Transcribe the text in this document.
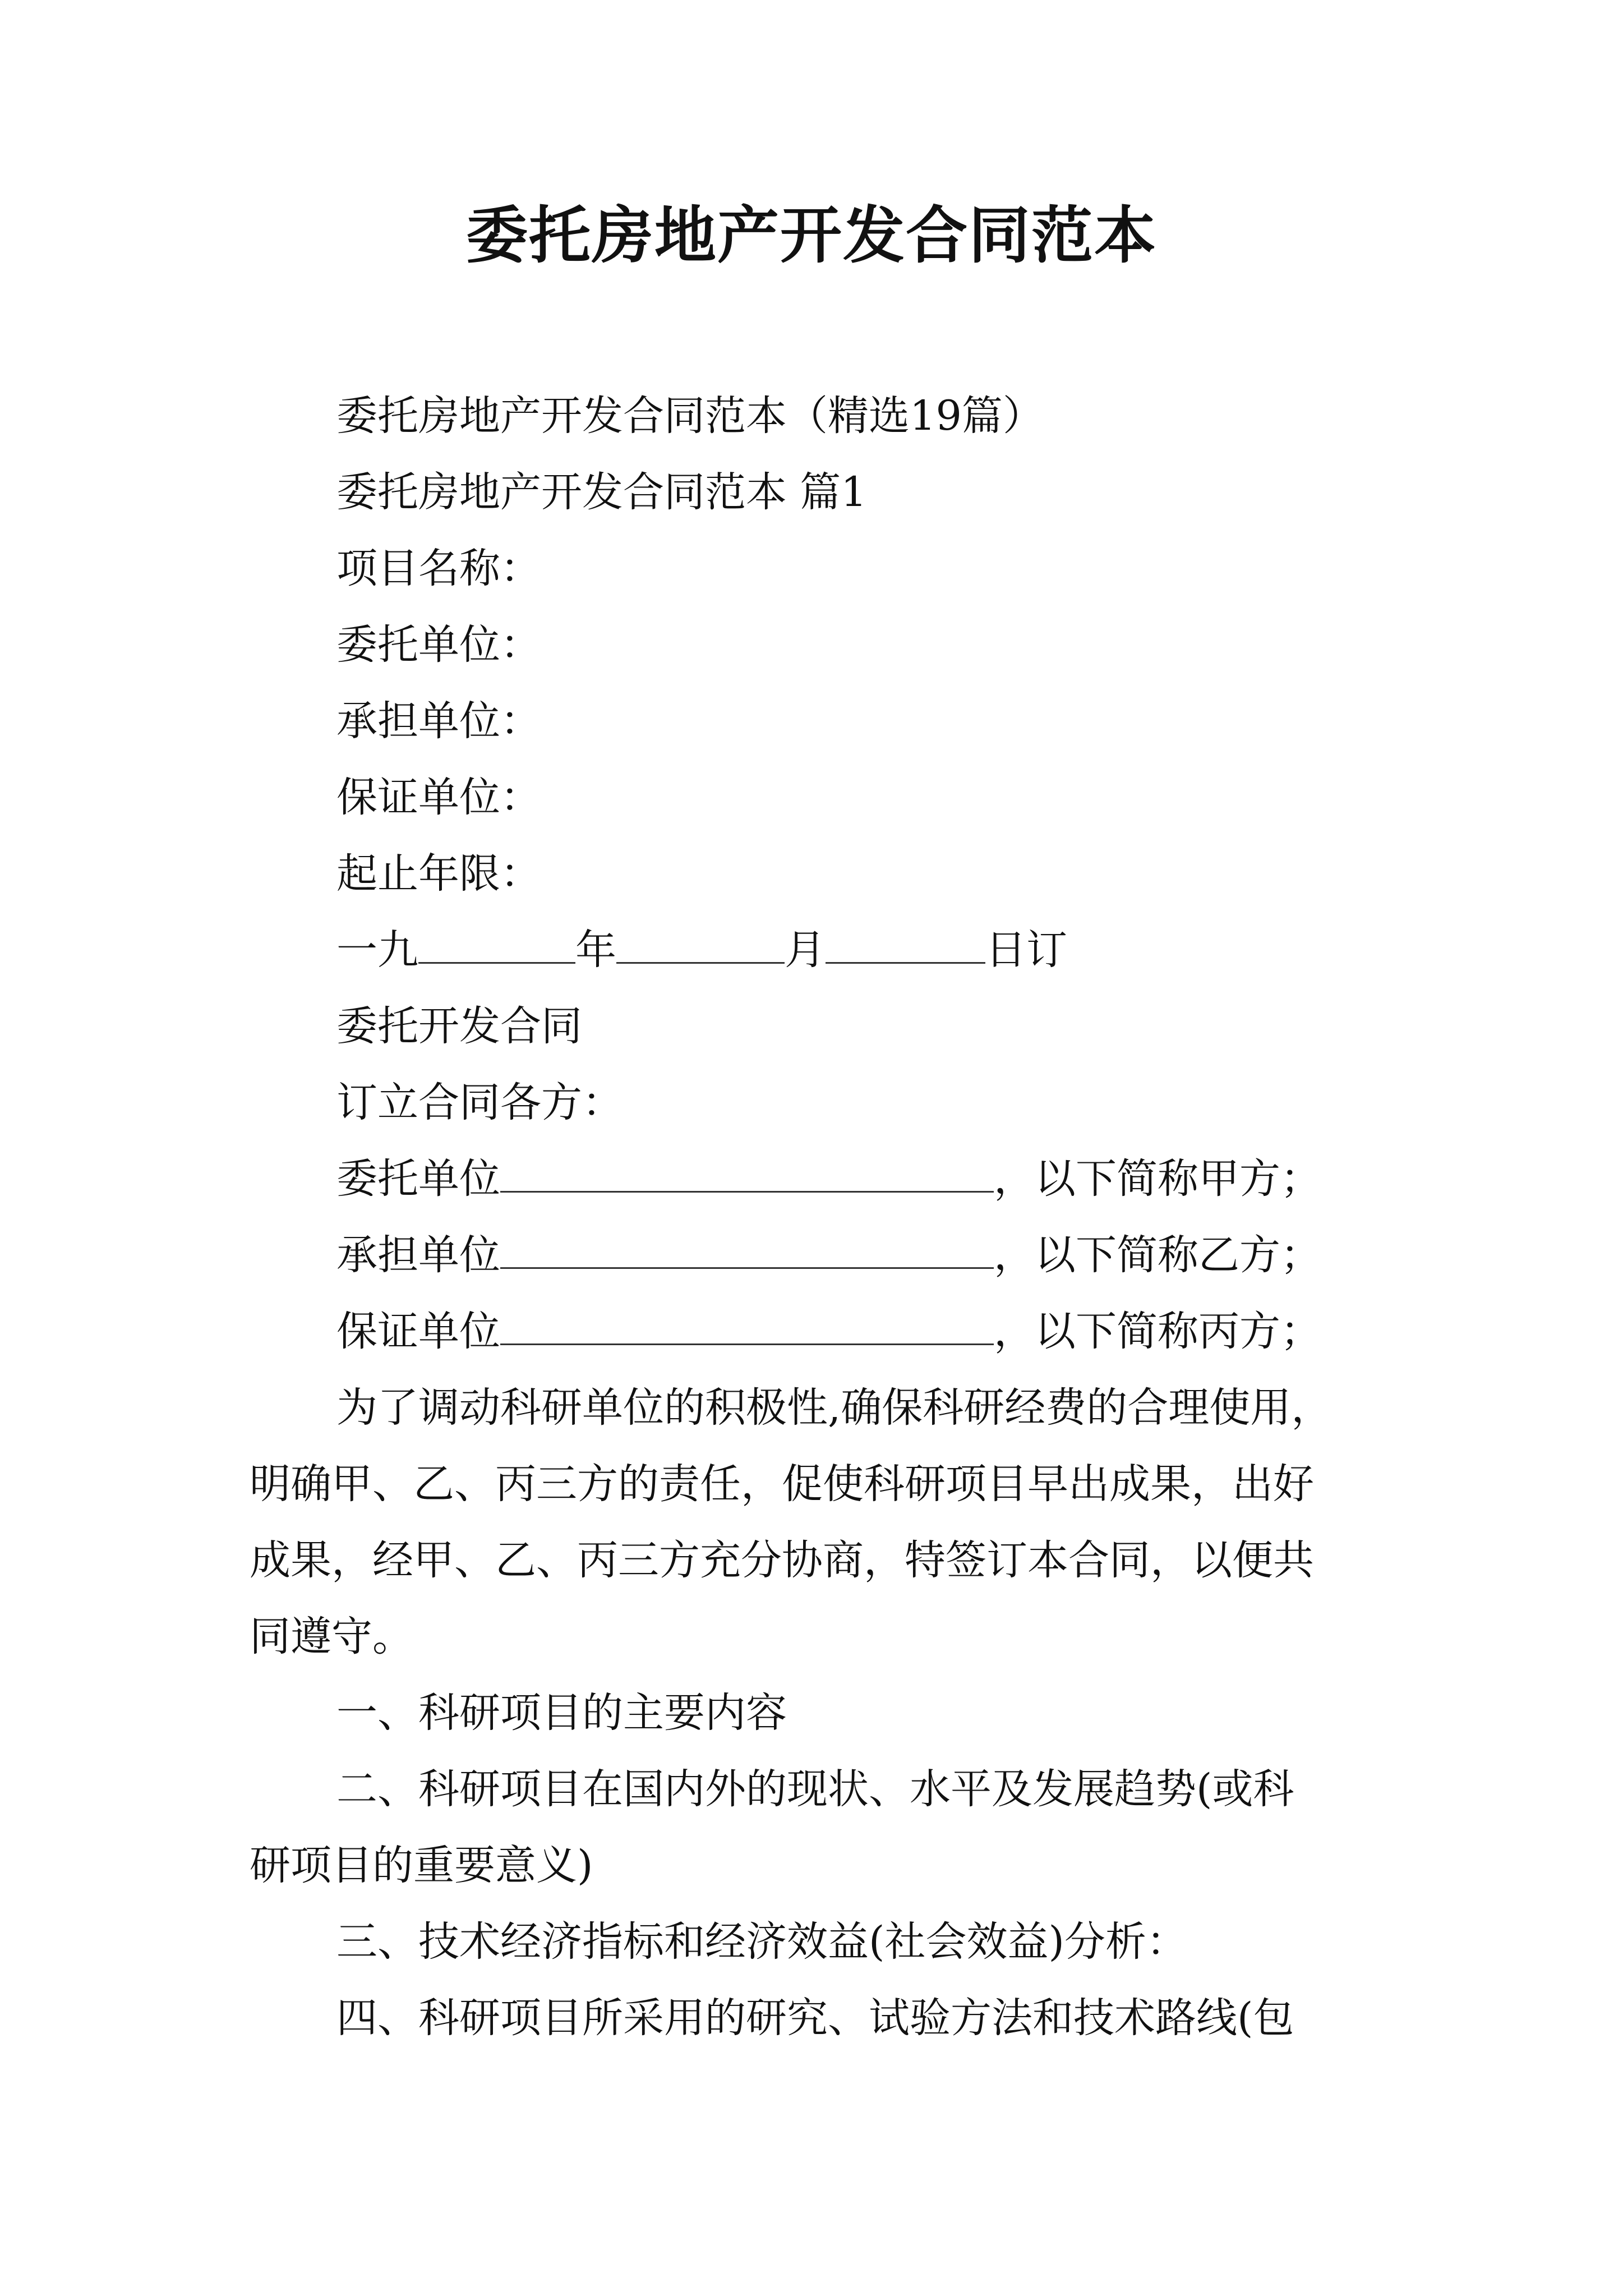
委托房地产开发合同范本
委托房地产开发合同范本（精选19篇）
委托房地产开发合同范本 篇1
项目名称：
委托单位：
承担单位：
保证单位：
起止年限：
一九	年	月	日订
委托开发合同
订立合同各方：
委托单位	，以下简称甲方；
承担单位	，以下简称乙方；
保证单位	，以下简称丙方；
为了调动科研单位的积极性,确保科研经费的合理使用，
明确甲、乙、丙三方的责任，促使科研项目早出成果，出好
成果，经甲、乙、丙三方充分协商，特签订本合同，以便共
同遵守。
一、科研项目的主要内容
二、科研项目在国内外的现状、水平及发展趋势(或科
研项目的重要意义)
三、技术经济指标和经济效益(社会效益)分析：
四、科研项目所采用的研究、试验方法和技术路线(包
